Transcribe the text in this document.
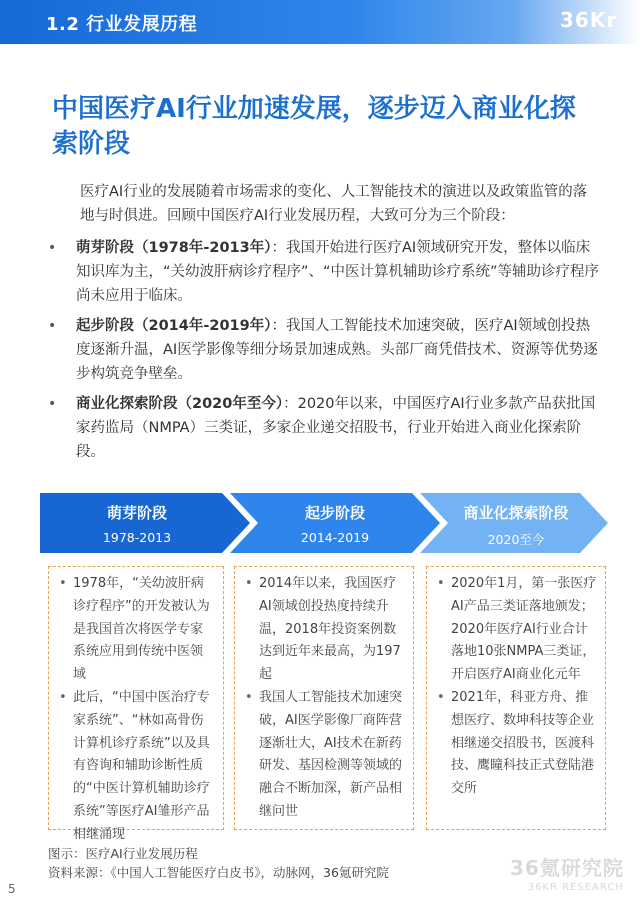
1.2 行业发展历程	36Kr
中国医疗AI行业加速发展，逐步迈入商业化探索阶段

医疗AI行业的发展随着市场需求的变化、人工智能技术的演进以及政策监管的落地与时俱进。回顾中国医疗AI行业发展历程，大致可分为三个阶段：

• 萌芽阶段（1978年-2013年）：我国开始进行医疗AI领域研究开发，整体以临床知识库为主，“关幼波肝病诊疗程序”、“中医计算机辅助诊疗系统”等辅助诊疗程序尚未应用于临床。
• 起步阶段（2014年-2019年）：我国人工智能技术加速突破，医疗AI领域创投热度逐渐升温，AI医学影像等细分场景加速成熟。头部厂商凭借技术、资源等优势逐步构筑竞争壁垒。
• 商业化探索阶段（2020年至今）：2020年以来，中国医疗AI行业多款产品获批国家药监局（NMPA）三类证，多家企业递交招股书，行业开始进入商业化探索阶段。
萌芽阶段
1978-2013
起步阶段
2014-2019
商业化探索阶段
2020至今
• 1978年，“关幼波肝病诊疗程序”的开发被认为是我国首次将医学专家系统应用到传统中医领域
• 此后，“中国中医治疗专家系统”、“林如高骨伤计算机诊疗系统”以及具有咨询和辅助诊断性质的“中医计算机辅助诊疗系统”等医疗AI雏形产品相继涌现
• 2014年以来，我国医疗AI领域创投热度持续升温，2018年投资案例数达到近年来最高，为197起
• 我国人工智能技术加速突破，AI医学影像厂商阵营逐渐壮大，AI技术在新药研发、基因检测等领域的融合不断加深，新产品相继问世
• 2020年1月，第一张医疗AI产品三类证落地颁发；2020年医疗AI行业合计落地10张NMPA三类证，开启医疗AI商业化元年
• 2021年，科亚方舟、推想医疗、数坤科技等企业相继递交招股书，医渡科技、鹰瞳科技正式登陆港交所
图示：医疗AI行业发展历程
资料来源：《中国人工智能医疗白皮书》，动脉网，36氪研究院	36氪研究院
36KR RESEARCH
5
